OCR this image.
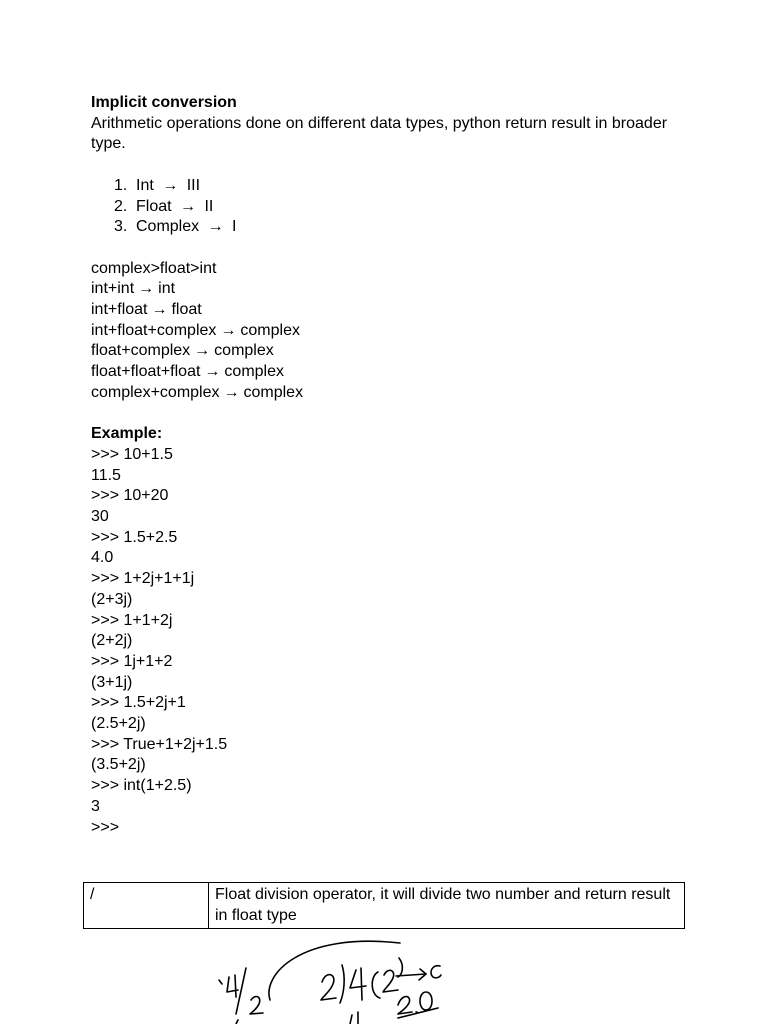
Implicit conversion

Arithmetic operations done on different data types, python return result in broader type.

1. Int → III
2. Float → II
3. Complex → I
complex>float>int
int+int → int
int+float → float
int+float+complex → complex
float+complex → complex
float+float+float → complex
complex+complex → complex
Example:
>>> 10+1.5
11.5
>>> 10+20
30
>>> 1.5+2.5
4.0
>>> 1+2j+1+1j
(2+3j)
>>> 1+1+2j
(2+2j)
>>> 1j+1+2
(3+1j)
>>> 1.5+2j+1
(2.5+2j)
>>> True+1+2j+1.5
(3.5+2j)
>>> int(1+2.5)
3
>>>
/	Float division operator, it will divide two number and return result in float type
